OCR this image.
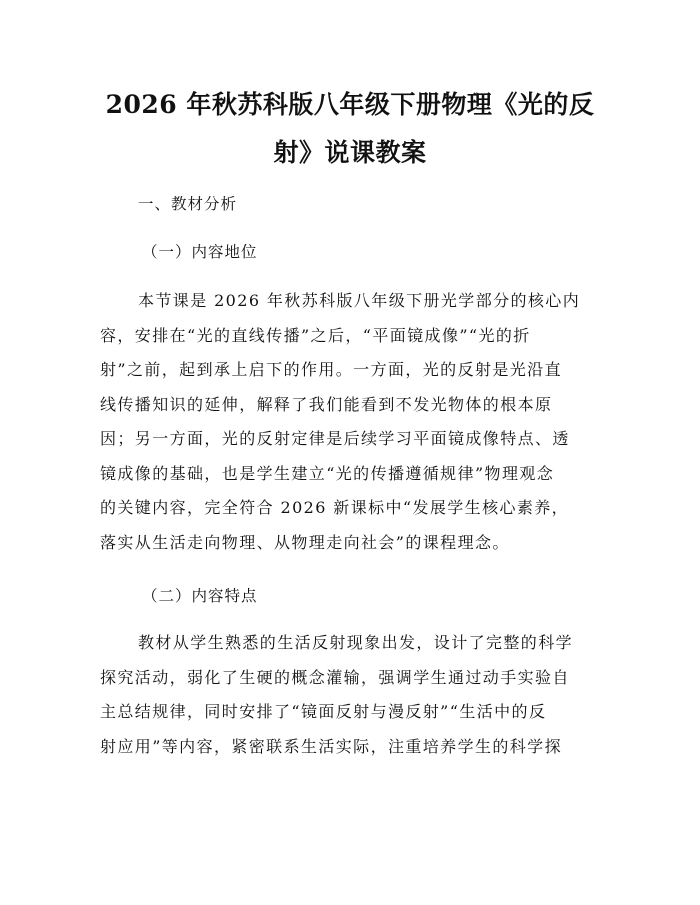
2026 年秋苏科版八年级下册物理《光的反
射》说课教案

一、教材分析

（一）内容地位

本节课是 2026 年秋苏科版八年级下册光学部分的核心内
容，安排在“光的直线传播”之后，“平面镜成像”“光的折
射”之前，起到承上启下的作用。一方面，光的反射是光沿直
线传播知识的延伸，解释了我们能看到不发光物体的根本原
因；另一方面，光的反射定律是后续学习平面镜成像特点、透
镜成像的基础，也是学生建立“光的传播遵循规律”物理观念
的关键内容，完全符合 2026 新课标中“发展学生核心素养，
落实从生活走向物理、从物理走向社会”的课程理念。

（二）内容特点

教材从学生熟悉的生活反射现象出发，设计了完整的科学
探究活动，弱化了生硬的概念灌输，强调学生通过动手实验自
主总结规律，同时安排了“镜面反射与漫反射”“生活中的反
射应用”等内容，紧密联系生活实际，注重培养学生的科学探
